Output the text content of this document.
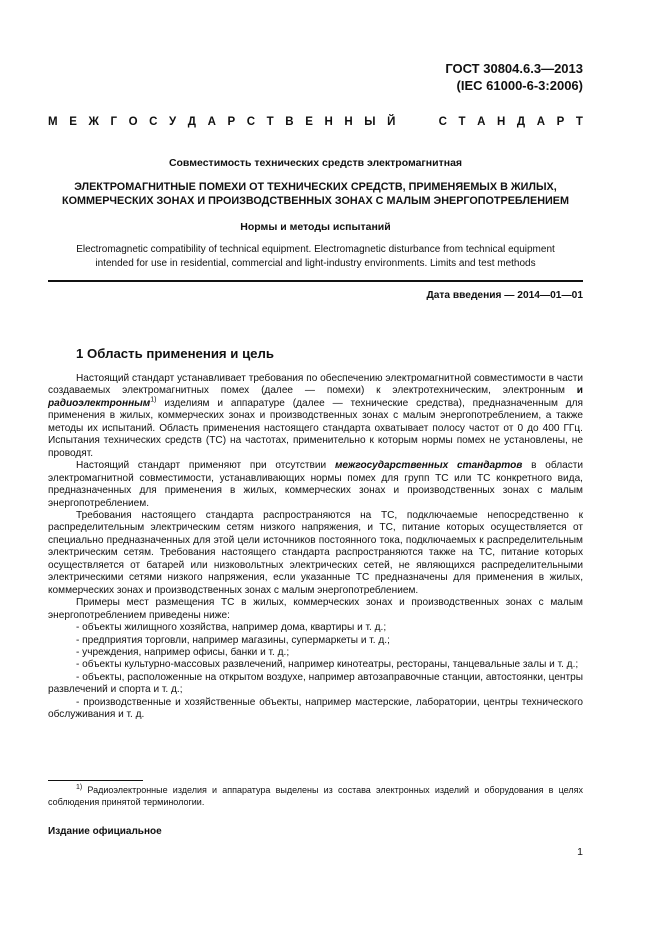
ГОСТ 30804.6.3—2013
(IEC 61000-6-3:2006)
М Е Ж Г О С У Д А Р С Т В Е Н Н Ы Й	С Т А Н Д А Р Т
Совместимость технических средств электромагнитная
ЭЛЕКТРОМАГНИТНЫЕ ПОМЕХИ ОТ ТЕХНИЧЕСКИХ СРЕДСТВ, ПРИМЕНЯЕМЫХ В ЖИЛЫХ,
КОММЕРЧЕСКИХ ЗОНАХ И ПРОИЗВОДСТВЕННЫХ ЗОНАХ С МАЛЫМ ЭНЕРГОПОТРЕБЛЕНИЕМ
Нормы и методы испытаний
Electromagnetic compatibility of technical equipment. Electromagnetic disturbance from technical equipment
intended for use in residential, commercial and light-industry environments. Limits and test methods
Дата введения — 2014—01—01
1 Область применения и цель

Настоящий стандарт устанавливает требования по обеспечению электромагнитной совместимости в части создаваемых электромагнитных помех (далее — помехи) к электротехническим, электронным и радиоэлектронным$^{1)}$ изделиям и аппаратуре (далее — технические средства), предназначенным для применения в жилых, коммерческих зонах и производственных зонах с малым энергопотреблением, а также методы их испытаний. Область применения настоящего стандарта охватывает полосу частот от 0 до 400 ГГц. Испытания технических средств (ТС) на частотах, применительно к которым нормы помех не установлены, не проводят.

Настоящий стандарт применяют при отсутствии межгосударственных стандартов в области электромагнитной совместимости, устанавливающих нормы помех для групп ТС или ТС конкретного вида, предназначенных для применения в жилых, коммерческих зонах и производственных зонах с малым энергопотреблением.

Требования настоящего стандарта распространяются на ТС, подключаемые непосредственно к распределительным электрическим сетям низкого напряжения, и ТС, питание которых осуществляется от специально предназначенных для этой цели источников постоянного тока, подключаемых к распределительным электрическим сетям. Требования настоящего стандарта распространяются также на ТС, питание которых осуществляется от батарей или низковольтных электрических сетей, не являющихся распределительными электрическими сетями низкого напряжения, если указанные ТС предназначены для применения в жилых, коммерческих зонах и производственных зонах с малым энергопотреблением.

Примеры мест размещения ТС в жилых, коммерческих зонах и производственных зонах с малым энергопотреблением приведены ниже:

- объекты жилищного хозяйства, например дома, квартиры и т. д.;

- предприятия торговли, например магазины, супермаркеты и т. д.;

- учреждения, например офисы, банки и т. д.;

- объекты культурно-массовых развлечений, например кинотеатры, рестораны, танцевальные залы и т. д.;

- объекты, расположенные на открытом воздухе, например автозаправочные станции, автостоянки, центры развлечений и спорта и т. д.;

- производственные и хозяйственные объекты, например мастерские, лаборатории, центры технического обслуживания и т. д.

$^{1)}$ Радиоэлектронные изделия и аппаратура выделены из состава электронных изделий и оборудования в целях соблюдения принятой терминологии.

Издание официальное
1
